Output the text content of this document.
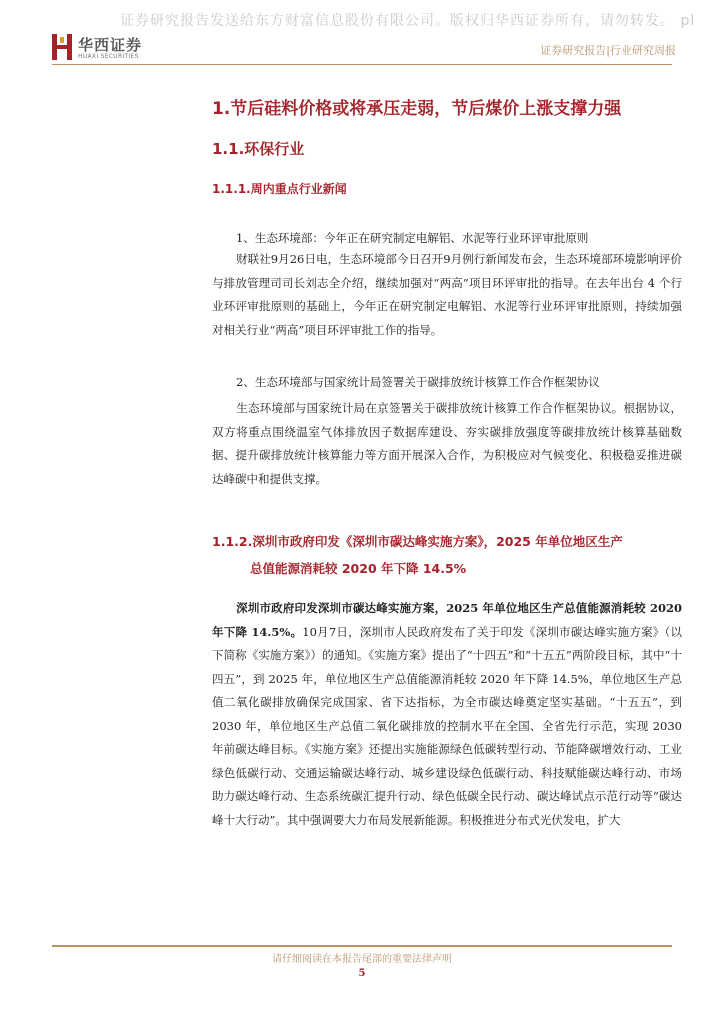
证券研究报告发送给东方财富信息股份有限公司。版权归华西证券所有，请勿转发。 pl
华西证券
HUAXI SECURITIES	证券研究报告|行业研究周报
1.节后硅料价格或将承压走弱，节后煤价上涨支撑力强
1.1.环保行业
1.1.1.周内重点行业新闻
1、生态环境部：今年正在研究制定电解铝、水泥等行业环评审批原则
财联社9月26日电，生态环境部今日召开9月例行新闻发布会，生态环境部环境影响评价与排放管理司司长刘志全介绍，继续加强对“两高”项目环评审批的指导。在去年出台 4 个行业环评审批原则的基础上，今年正在研究制定电解铝、水泥等行业环评审批原则，持续加强对相关行业“两高”项目环评审批工作的指导。
2、生态环境部与国家统计局签署关于碳排放统计核算工作合作框架协议
生态环境部与国家统计局在京签署关于碳排放统计核算工作合作框架协议。根据协议，双方将重点围绕温室气体排放因子数据库建设、夯实碳排放强度等碳排放统计核算基础数据、提升碳排放统计核算能力等方面开展深入合作，为积极应对气候变化、积极稳妥推进碳达峰碳中和提供支撑。
1.1.2.深圳市政府印发《深圳市碳达峰实施方案》，2025 年单位地区生产
总值能源消耗较 2020 年下降 14.5%
深圳市政府印发深圳市碳达峰实施方案，2025 年单位地区生产总值能源消耗较 2020 年下降 14.5%。10月7日，深圳市人民政府发布了关于印发《深圳市碳达峰实施方案》（以下简称《实施方案》）的通知。《实施方案》提出了“十四五”和“十五五”两阶段目标，其中“十四五”，到 2025 年，单位地区生产总值能源消耗较 2020 年下降 14.5%，单位地区生产总值二氧化碳排放确保完成国家、省下达指标，为全市碳达峰奠定坚实基础。“十五五”，到 2030 年，单位地区生产总值二氧化碳排放的控制水平在全国、全省先行示范，实现 2030 年前碳达峰目标。《实施方案》还提出实施能源绿色低碳转型行动、节能降碳增效行动、工业绿色低碳行动、交通运输碳达峰行动、城乡建设绿色低碳行动、科技赋能碳达峰行动、市场助力碳达峰行动、生态系统碳汇提升行动、绿色低碳全民行动、碳达峰试点示范行动等“碳达峰十大行动”。其中强调要大力布局发展新能源。积极推进分布式光伏发电，扩大
请仔细阅读在本报告尾部的重要法律声明
5
